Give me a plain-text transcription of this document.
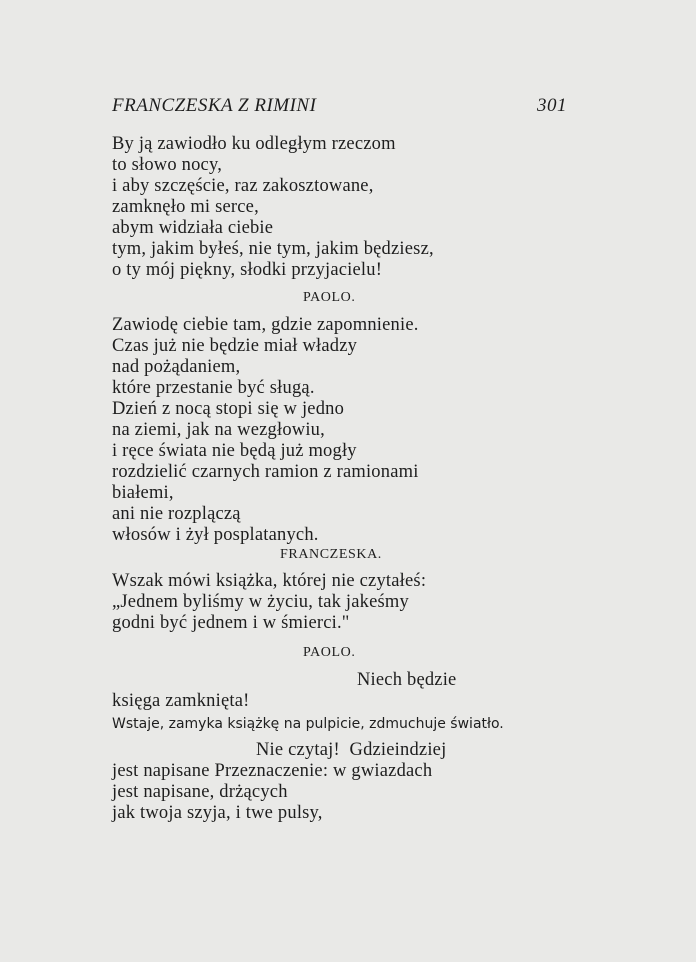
FRANCZESKA Z RIMINI	301
By ją zawiodło ku odległym rzeczom
to słowo nocy,
i aby szczęście, raz zakosztowane,
zamknęło mi serce,
abym widziała ciebie
tym, jakim byłeś, nie tym, jakim będziesz,
o ty mój piękny, słodki przyjacielu!
PAOLO.
Zawiodę ciebie tam, gdzie zapomnienie.
Czas już nie będzie miał władzy
nad pożądaniem,
które przestanie być sługą.
Dzień z nocą stopi się w jedno
na ziemi, jak na wezgłowiu,
i ręce świata nie będą już mogły
rozdzielić czarnych ramion z ramionami
białemi,
ani nie rozplączą
włosów i żył posplatanych.
FRANCZESKA.
Wszak mówi książka, której nie czytałeś:
„Jednem byliśmy w życiu, tak jakeśmy
godni być jednem i w śmierci."
PAOLO.
Niech będzie
księga zamknięta!
Wstaje, zamyka książkę na pulpicie, zdmuchuje światło.
Nie czytaj!  Gdzieindziej
jest napisane Przeznaczenie: w gwiazdach
jest napisane, drżących
jak twoja szyja, i twe pulsy,
